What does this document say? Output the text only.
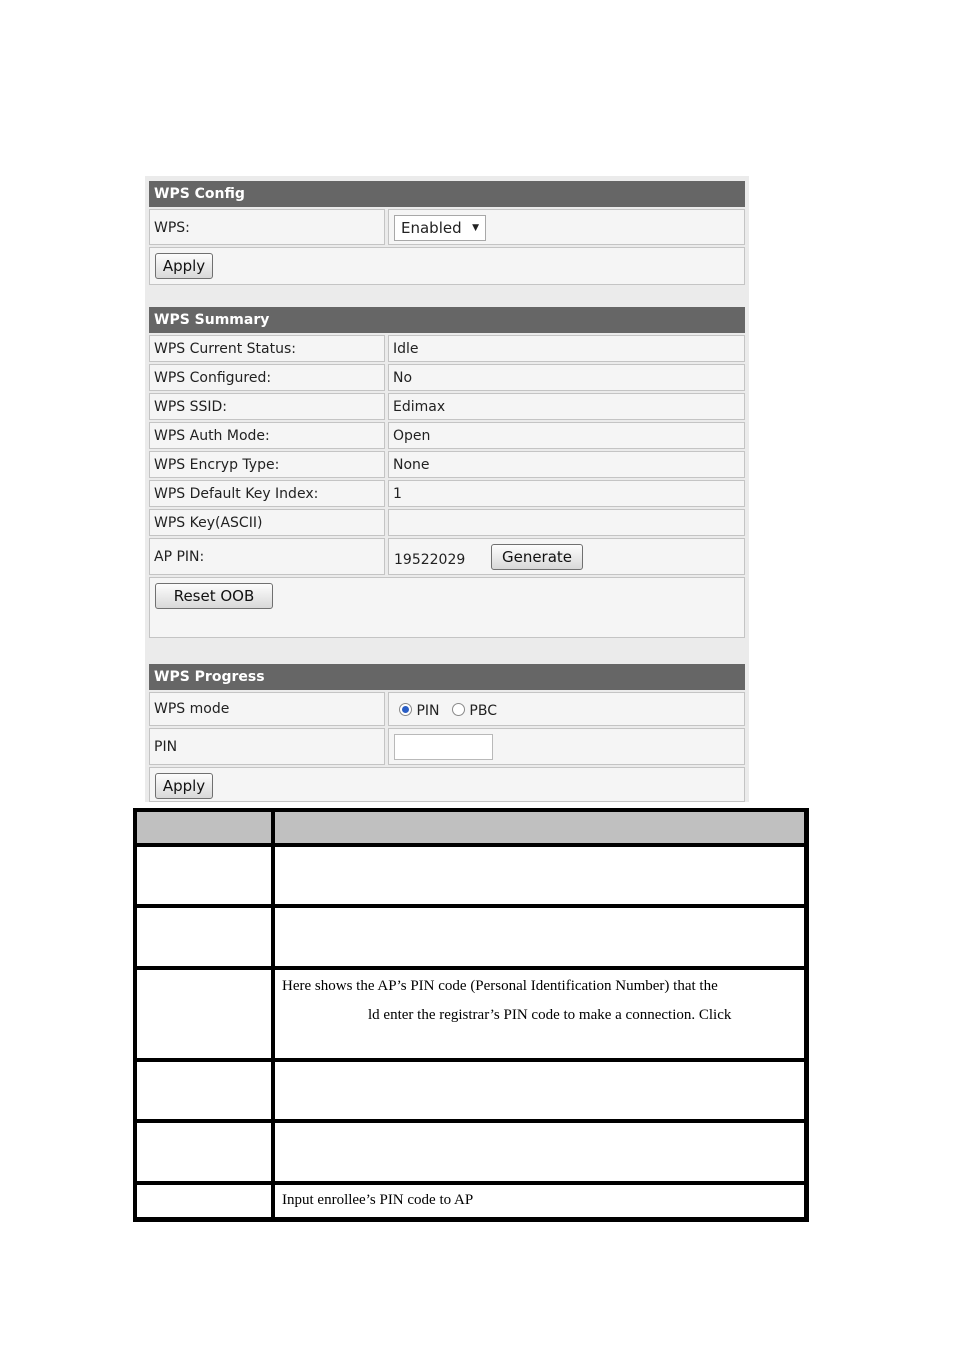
WPS Config
WPS:	Enabled ▼
Apply
WPS Summary
WPS Current Status:	Idle
WPS Configured:	No
WPS SSID:	Edimax
WPS Auth Mode:	Open
WPS Encryp Type:	None
WPS Default Key Index:	1
WPS Key(ASCII)
AP PIN:	19522029	Generate
Reset OOB
WPS Progress
WPS mode	PIN PBC
PIN
Apply
Here shows the AP’s PIN code (Personal Identification Number) that the
ld enter the registrar’s PIN code to make a connection. Click
Input enrollee’s PIN code to AP
